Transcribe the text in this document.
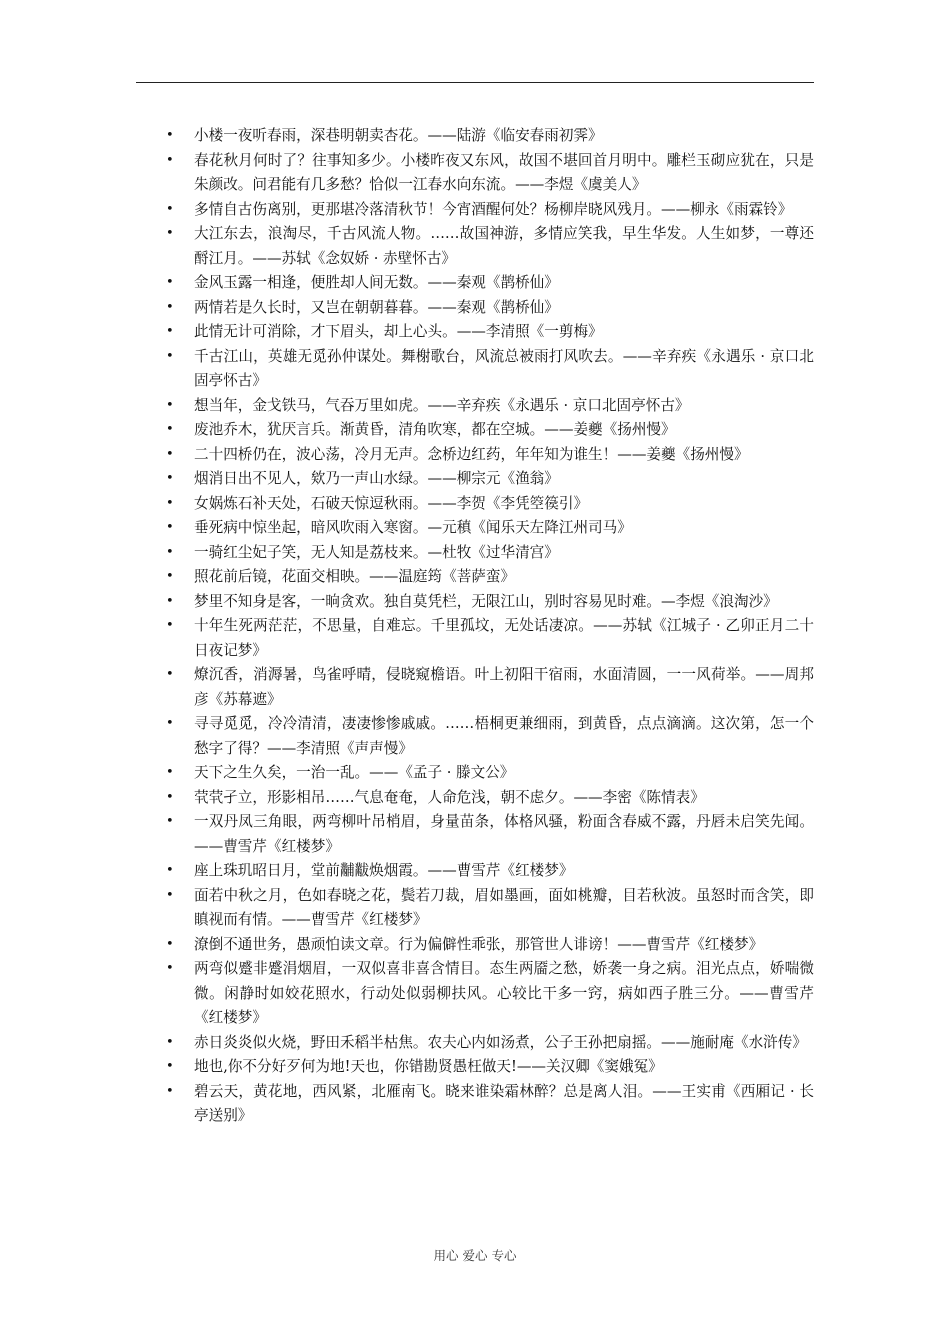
• 小楼一夜听春雨，深巷明朝卖杏花。——陆游《临安春雨初霁》
• 春花秋月何时了？往事知多少。小楼昨夜又东风，故国不堪回首月明中。雕栏玉砌应犹在，只是朱颜改。问君能有几多愁？恰似一江春水向东流。——李煜《虞美人》
• 多情自古伤离别，更那堪冷落清秋节！今宵酒醒何处？杨柳岸晓风残月。——柳永《雨霖铃》
• 大江东去，浪淘尽，千古风流人物。……故国神游，多情应笑我，早生华发。人生如梦，一尊还酹江月。——苏轼《念奴娇 · 赤壁怀古》
• 金风玉露一相逢，便胜却人间无数。——秦观《鹊桥仙》
• 两情若是久长时，又岂在朝朝暮暮。——秦观《鹊桥仙》
• 此情无计可消除，才下眉头，却上心头。——李清照《一剪梅》
• 千古江山，英雄无觅孙仲谋处。舞榭歌台，风流总被雨打风吹去。——辛弃疾《永遇乐 · 京口北固亭怀古》
• 想当年，金戈铁马，气吞万里如虎。——辛弃疾《永遇乐 · 京口北固亭怀古》
• 废池乔木，犹厌言兵。渐黄昏，清角吹寒，都在空城。——姜夔《扬州慢》
• 二十四桥仍在，波心荡，冷月无声。念桥边红药，年年知为谁生！——姜夔《扬州慢》
• 烟消日出不见人，欸乃一声山水绿。——柳宗元《渔翁》
• 女娲炼石补天处，石破天惊逗秋雨。——李贺《李凭箜篌引》
• 垂死病中惊坐起，暗风吹雨入寒窗。—元稹《闻乐天左降江州司马》
• 一骑红尘妃子笑，无人知是荔枝来。—杜牧《过华清宫》
• 照花前后镜，花面交相映。——温庭筠《菩萨蛮》
• 梦里不知身是客，一晌贪欢。独自莫凭栏，无限江山，别时容易见时难。—李煜《浪淘沙》
• 十年生死两茫茫，不思量，自难忘。千里孤坟，无处话凄凉。——苏轼《江城子 · 乙卯正月二十日夜记梦》
• 燎沉香，消溽暑，鸟雀呼晴，侵晓窥檐语。叶上初阳干宿雨，水面清圆，一一风荷举。——周邦彦《苏幕遮》
• 寻寻觅觅，冷冷清清，凄凄惨惨戚戚。……梧桐更兼细雨，到黄昏，点点滴滴。这次第，怎一个愁字了得？——李清照《声声慢》
• 天下之生久矣，一治一乱。——《孟子 · 滕文公》
• 茕茕孑立，形影相吊……气息奄奄，人命危浅，朝不虑夕。——李密《陈情表》
• 一双丹凤三角眼，两弯柳叶吊梢眉，身量苗条，体格风骚，粉面含春威不露，丹唇未启笑先闻。——曹雪芹《红楼梦》
• 座上珠玑昭日月，堂前黼黻焕烟霞。——曹雪芹《红楼梦》
• 面若中秋之月，色如春晓之花，鬓若刀裁，眉如墨画，面如桃瓣，目若秋波。虽怒时而含笑，即瞋视而有情。——曹雪芹《红楼梦》
• 潦倒不通世务，愚顽怕读文章。行为偏僻性乖张，那管世人诽谤！——曹雪芹《红楼梦》
• 两弯似蹙非蹙涓烟眉，一双似喜非喜含情目。态生两靥之愁，娇袭一身之病。泪光点点，娇喘微微。闲静时如姣花照水，行动处似弱柳扶风。心较比干多一窍，病如西子胜三分。——曹雪芹《红楼梦》
• 赤日炎炎似火烧，野田禾稻半枯焦。农夫心内如汤煮，公子王孙把扇摇。——施耐庵《水浒传》
• 地也,你不分好歹何为地!天也，你错勘贤愚枉做天!——关汉卿《窦娥冤》
• 碧云天，黄花地，西风紧，北雁南飞。晓来谁染霜林醉？总是离人泪。——王实甫《西厢记 · 长亭送别》
用心 爱心 专心
